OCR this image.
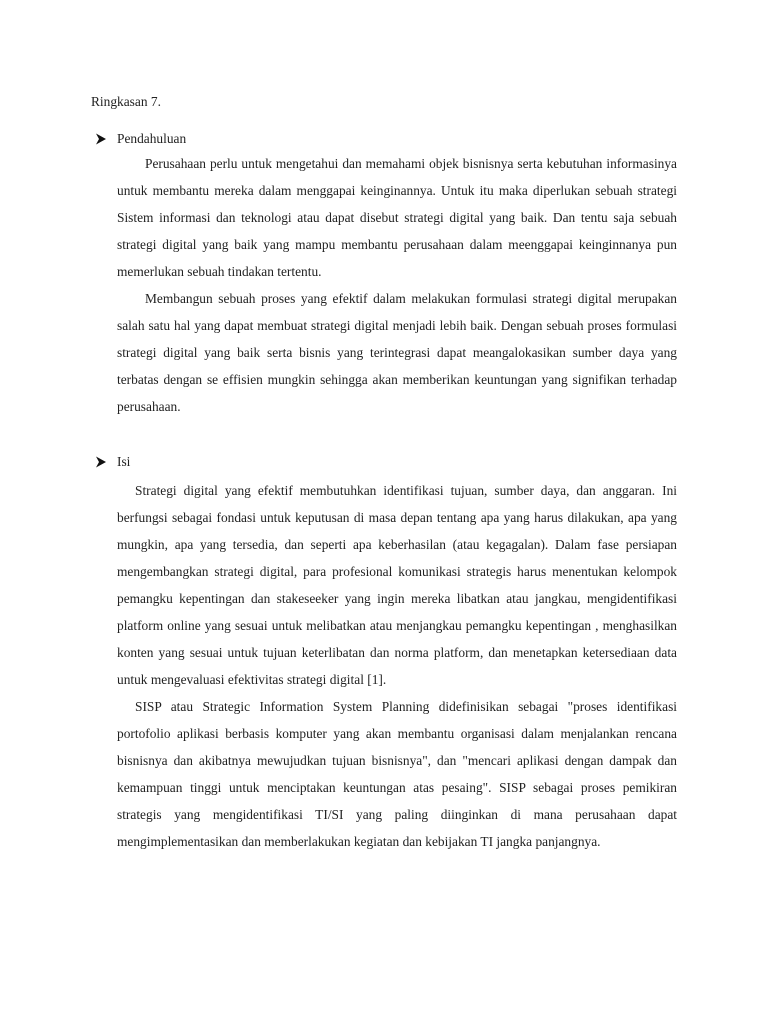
Ringkasan 7.
Pendahuluan

Perusahaan perlu untuk mengetahui dan memahami objek bisnisnya serta kebutuhan informasinya untuk membantu mereka dalam menggapai keinginannya. Untuk itu maka diperlukan sebuah strategi Sistem informasi dan teknologi atau dapat disebut strategi digital yang baik. Dan tentu saja sebuah strategi digital yang baik yang mampu membantu perusahaan dalam meenggapai keinginnanya pun memerlukan sebuah tindakan tertentu.

Membangun sebuah proses yang efektif dalam melakukan formulasi strategi digital merupakan salah satu hal yang dapat membuat strategi digital menjadi lebih baik. Dengan sebuah proses formulasi strategi digital yang baik serta bisnis yang terintegrasi dapat meangalokasikan sumber daya yang terbatas dengan se effisien mungkin sehingga akan memberikan keuntungan yang signifikan terhadap perusahaan.

Isi

Strategi digital yang efektif membutuhkan identifikasi tujuan, sumber daya, dan anggaran. Ini berfungsi sebagai fondasi untuk keputusan di masa depan tentang apa yang harus dilakukan, apa yang mungkin, apa yang tersedia, dan seperti apa keberhasilan (atau kegagalan). Dalam fase persiapan mengembangkan strategi digital, para profesional komunikasi strategis harus menentukan kelompok pemangku kepentingan dan stakeseeker yang ingin mereka libatkan atau jangkau, mengidentifikasi platform online yang sesuai untuk melibatkan atau menjangkau pemangku kepentingan , menghasilkan konten yang sesuai untuk tujuan keterlibatan dan norma platform, dan menetapkan ketersediaan data untuk mengevaluasi efektivitas strategi digital [1].

SISP atau Strategic Information System Planning didefinisikan sebagai "proses identifikasi portofolio aplikasi berbasis komputer yang akan membantu organisasi dalam menjalankan rencana bisnisnya dan akibatnya mewujudkan tujuan bisnisnya", dan "mencari aplikasi dengan dampak dan kemampuan tinggi untuk menciptakan keuntungan atas pesaing". SISP sebagai proses pemikiran strategis yang mengidentifikasi TI/SI yang paling diinginkan di mana perusahaan dapat mengimplementasikan dan memberlakukan kegiatan dan kebijakan TI jangka panjangnya.
